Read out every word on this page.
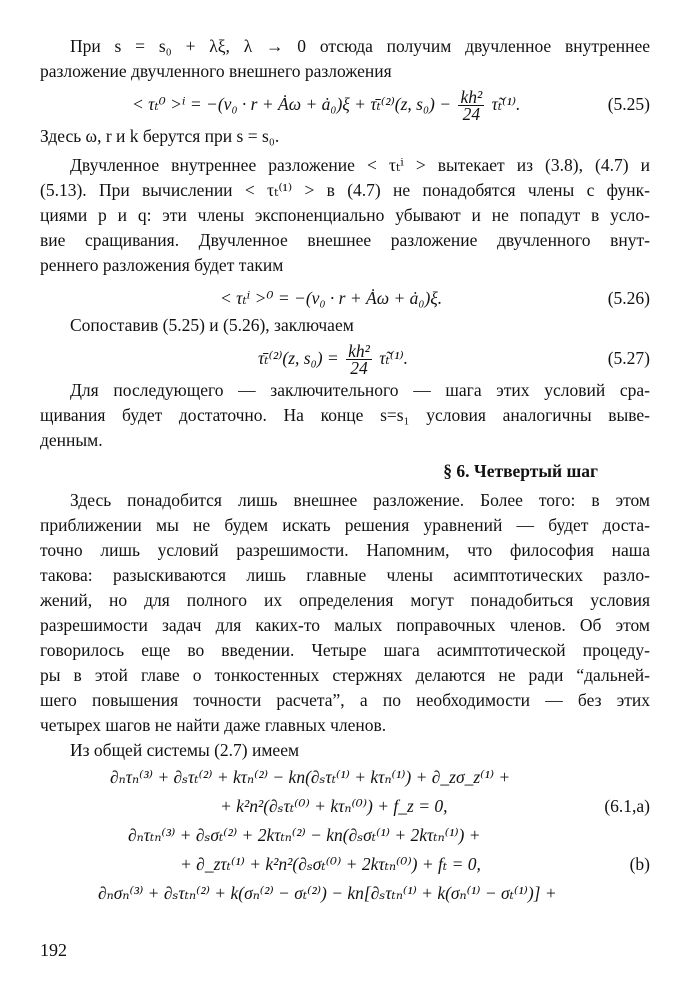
При s = s₀ + λξ, λ → 0 отсюда получим двучленное внутреннее
разложение двучленного внешнего разложения
< τₜ⁰ >ⁱ = −(v₀ · r + Ȧω + ȧ₀)ξ + τ̄ₜ⁽²⁾(z, $s_0) - \frac{\text{kh²}}{24}$ τ̃ₜ⁽¹⁾.	(5.25)
Здесь ω, r и k берутся при s = s₀.
Двучленное внутреннее разложение < τₜⁱ > вытекает из (3.8), (4.7) и
(5.13). При вычислении < τₜ⁽¹⁾ > в (4.7) не понадобятся члены с функ-
циями p и q: эти члены экспоненциально убывают и не попадут в усло-
вие сращивания. Двучленное внешнее разложение двучленного внут-
реннего разложения будет таким
< τₜⁱ >⁰ = −(v₀ · r + Ȧω + ȧ₀)ξ.	(5.26)
Сопоставив (5.25) и (5.26), заключаем
τ̄ₜ⁽²⁾(z, $s_0) = \frac{\text{kh²}}{24}$ τ̃ₜ⁽¹⁾.	(5.27)
Для последующего — заключительного — шага этих условий сра-
щивания будет достаточно. На конце s=s₁ условия аналогичны выве-
денным.
§ 6. Четвертый шаг
Здесь понадобится лишь внешнее разложение. Более того: в этом
приближении мы не будем искать решения уравнений — будет доста-
точно лишь условий разрешимости. Напомним, что философия наша
такова: разыскиваются лишь главные члены асимптотических разло-
жений, но для полного их определения могут понадобиться условия
разрешимости задач для каких-то малых поправочных членов. Об этом
говорилось еще во введении. Четыре шага асимптотической процеду-
ры в этой главе о тонкостенных стержнях делаются не ради “дальней-
шего повышения точности расчета”, а по необходимости — без этих
четырех шагов не найти даже главных членов.
Из общей системы (2.7) имеем
∂ₙτₙ⁽³⁾ + ∂ₛτₜ⁽²⁾ + kτₙ⁽²⁾ − kn(∂ₛτₜ⁽¹⁾ + kτₙ⁽¹⁾) + ∂_zσ_z⁽¹⁾ +
+ k²n²(∂ₛτₜ⁽⁰⁾ + kτₙ⁽⁰⁾) + f_z = 0,	(6.1,a)
∂ₙτₜₙ⁽³⁾ + ∂ₛσₜ⁽²⁾ + 2kτₜₙ⁽²⁾ − kn(∂ₛσₜ⁽¹⁾ + 2kτₜₙ⁽¹⁾) +
+ ∂_zτₜ⁽¹⁾ + k²n²(∂ₛσₜ⁽⁰⁾ + 2kτₜₙ⁽⁰⁾) + fₜ = 0,	(b)
∂ₙσₙ⁽³⁾ + ∂ₛτₜₙ⁽²⁾ + k(σₙ⁽²⁾ − σₜ⁽²⁾) − kn[∂ₛτₜₙ⁽¹⁾ + k(σₙ⁽¹⁾ − σₜ⁽¹⁾)] +
192
